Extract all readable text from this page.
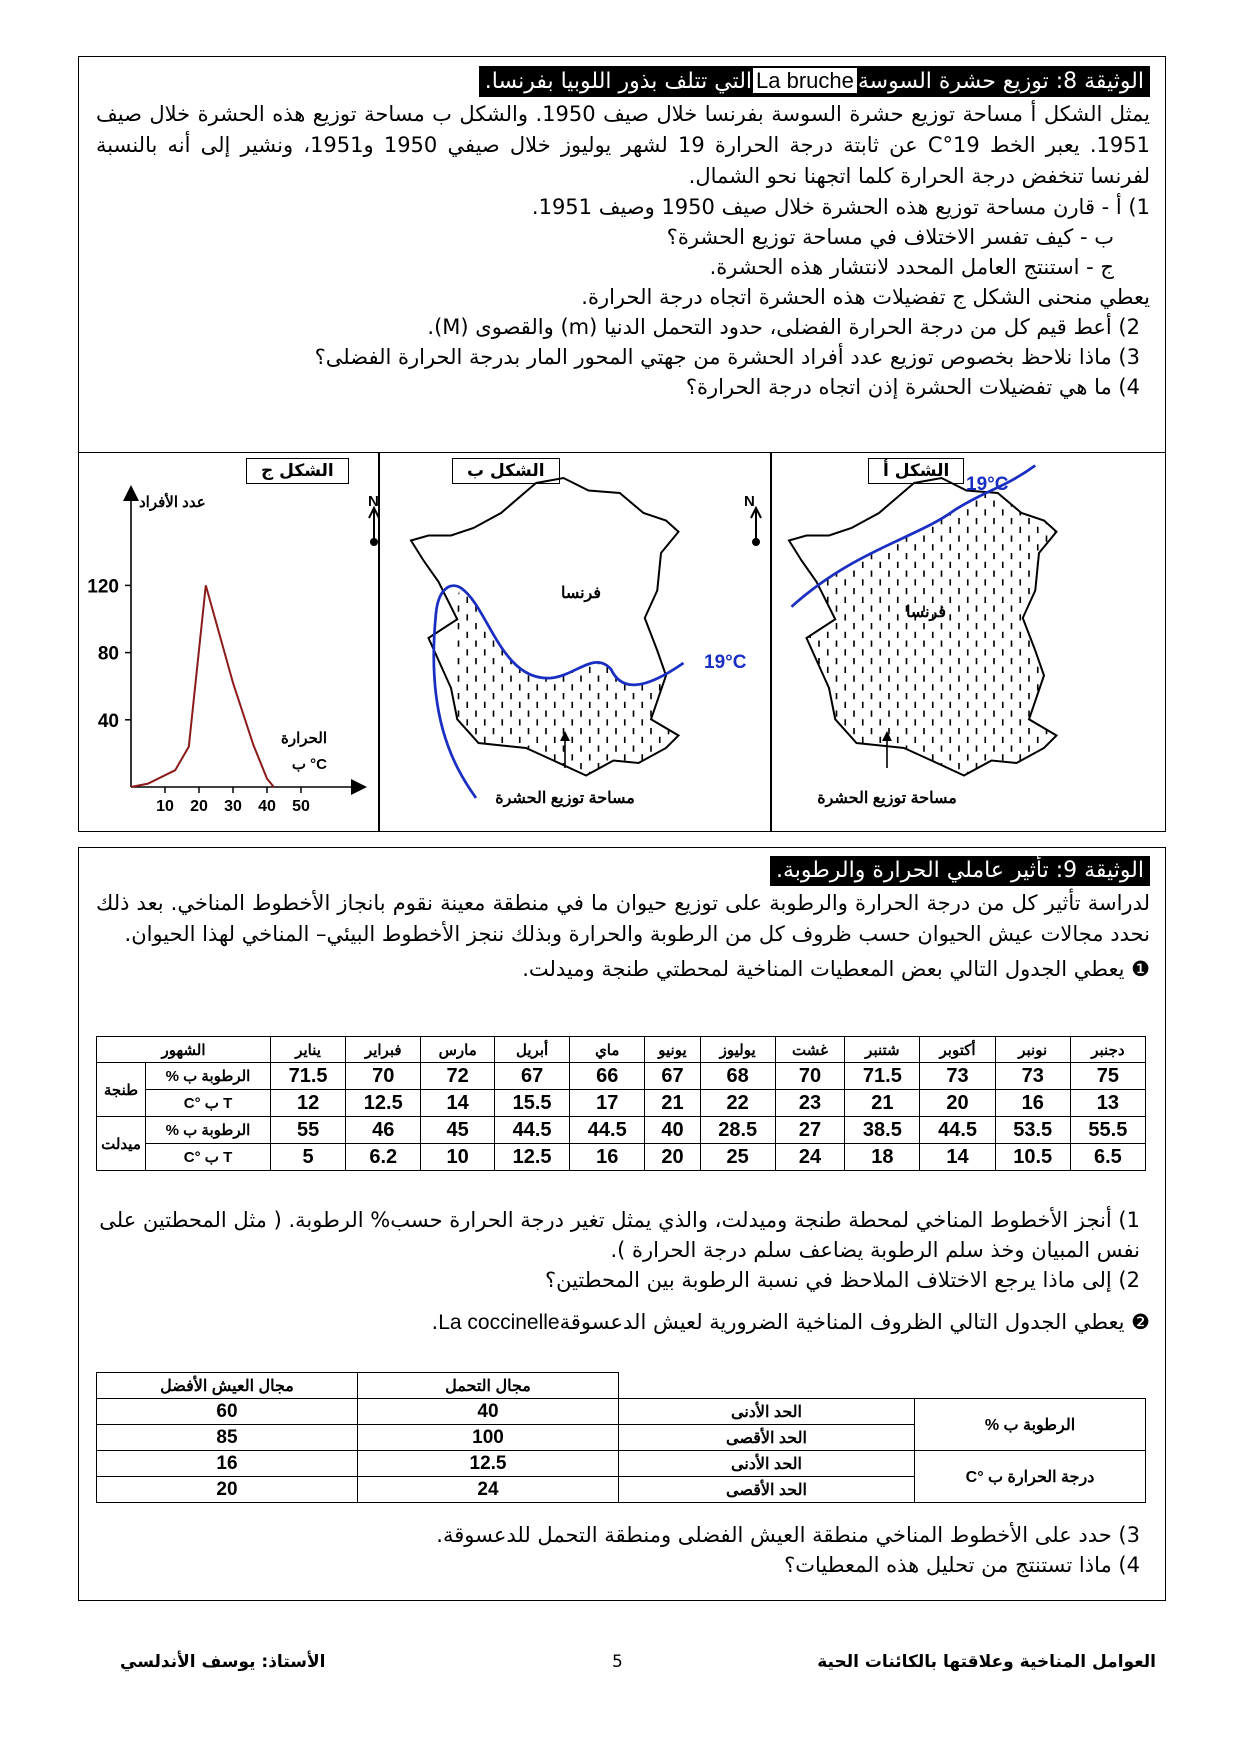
الوثيقة 8: توزيع حشرة السوسةLa brucheالتي تتلف بذور اللوبيا بفرنسا.

يمثل الشكل أ مساحة توزيع حشرة السوسة بفرنسا خلال صيف 1950. والشكل ب مساحة توزيع هذه الحشرة خلال صيف 1951. يعبر الخط 19°C عن ثابتة درجة الحرارة 19 لشهر يوليوز خلال صيفي 1950 و1951، ونشير إلى أنه بالنسبة لفرنسا تنخفض درجة الحرارة كلما اتجهنا نحو الشمال.

1) أ - قارن مساحة توزيع هذه الحشرة خلال صيف 1950 وصيف 1951.

ب - كيف تفسر الاختلاف في مساحة توزيع الحشرة؟

ج - استنتج العامل المحدد لانتشار هذه الحشرة.

يعطي منحنى الشكل ج تفضيلات هذه الحشرة اتجاه درجة الحرارة.

2) أعط قيم كل من درجة الحرارة الفضلى، حدود التحمل الدنيا (m) والقصوى (M).

3) ماذا نلاحظ بخصوص توزيع عدد أفراد الحشرة من جهتي المحور المار بدرجة الحرارة الفضلى؟

4) ما هي تفضيلات الحشرة إذن اتجاه درجة الحرارة؟

الشكل أ
الشكل ب
الشكل ج
N
19°C
فرنسا
مساحة توزيع الحشرة
N
19°C
فرنسا
مساحة توزيع الحشرة
عدد الأفراد
الحرارة
ب °C
10 20 30 40 50
40
80
120
الوثيقة 9: تأثير عاملي الحرارة والرطوبة.

لدراسة تأثير كل من درجة الحرارة والرطوبة على توزيع حيوان ما في منطقة معينة نقوم بانجاز الأخطوط المناخي. بعد ذلك نحدد مجالات عيش الحيوان حسب ظروف كل من الرطوبة والحرارة وبذلك ننجز الأخطوط البيئي– المناخي لهذا الحيوان.

❶ يعطي الجدول التالي بعض المعطيات المناخية لمحطتي طنجة وميدلت.

الشهور		يناير	فبراير	مارس	أبريل	ماي	يونيو	يوليوز	غشت	شتنبر	أكتوبر	نونبر	دجنبر
طنجة	الرطوبة ب %	71.5	70	72	67	66	67	68	70	71.5	73	73	75
	T ب °C	12	12.5	14	15.5	17	21	22	23	21	20	16	13
ميدلت	الرطوبة ب %	55	46	45	44.5	44.5	40	28.5	27	38.5	44.5	53.5	55.5
	T ب °C	5	6.2	10	12.5	16	20	25	24	18	14	10.5	6.5

1) أنجز الأخطوط المناخي لمحطة طنجة وميدلت، والذي يمثل تغير درجة الحرارة حسب% الرطوبة. ( مثل المحطتين على نفس المبيان وخذ سلم الرطوبة يضاعف سلم درجة الحرارة ).

2) إلى ماذا يرجع الاختلاف الملاحظ في نسبة الرطوبة بين المحطتين؟

❷ يعطي الجدول التالي الظروف المناخية الضرورية لعيش الدعسوقةLa coccinelle.

		مجال التحمل	مجال العيش الأفضل
الرطوبة ب %	الحد الأدنى	40	60
	الحد الأقصى	100	85
درجة الحرارة ب °C	الحد الأدنى	12.5	16
	الحد الأقصى	24	20

3) حدد على الأخطوط المناخي منطقة العيش الفضلى ومنطقة التحمل للدعسوقة.

4) ماذا تستنتج من تحليل هذه المعطيات؟

العوامل المناخية وعلاقتها بالكائنات الحية
5
الأستاذ: يوسف الأندلسي
